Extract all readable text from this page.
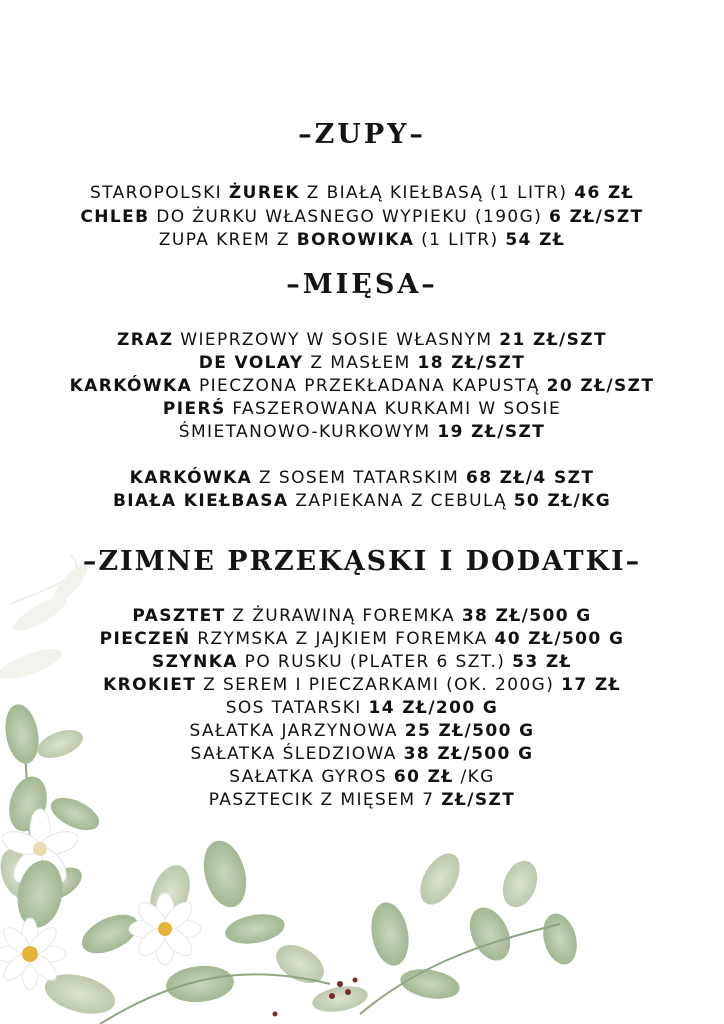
–ZUPY–
STAROPOLSKI ŻUREK Z BIAŁĄ KIEŁBASĄ (1 LITR) 46 ZŁ
CHLEB DO ŻURKU WŁASNEGO WYPIEKU (190G) 6 ZŁ/SZT
ZUPA KREM Z BOROWIKA (1 LITR) 54 ZŁ
–MIĘSA–
ZRAZ WIEPRZOWY W SOSIE WŁASNYM 21 ZŁ/SZT
DE VOLAY Z MASŁEM 18 ZŁ/SZT
KARKÓWKA PIECZONA PRZEKŁADANA KAPUSTĄ 20 ZŁ/SZT
PIERŚ FASZEROWANA KURKAMI W SOSIE
ŚMIETANOWO-KURKOWYM 19 ZŁ/SZT
KARKÓWKA Z SOSEM TATARSKIM 68 ZŁ/4 SZT
BIAŁA KIEŁBASA ZAPIEKANA Z CEBULĄ 50 ZŁ/KG
–ZIMNE PRZEKĄSKI I DODATKI–
PASZTET Z ŻURAWINĄ FOREMKA 38 ZŁ/500 G
PIECZEŃ RZYMSKA Z JAJKIEM FOREMKA 40 ZŁ/500 G
SZYNKA PO RUSKU (PLATER 6 SZT.) 53 ZŁ
KROKIET Z SEREM I PIECZARKAMI (OK. 200G) 17 ZŁ
SOS TATARSKI 14 ZŁ/200 G
SAŁATKA JARZYNOWA 25 ZŁ/500 G
SAŁATKA ŚLEDZIOWA 38 ZŁ/500 G
SAŁATKA GYROS 60 ZŁ /KG
PASZTECIK Z MIĘSEM 7 ZŁ/SZT
